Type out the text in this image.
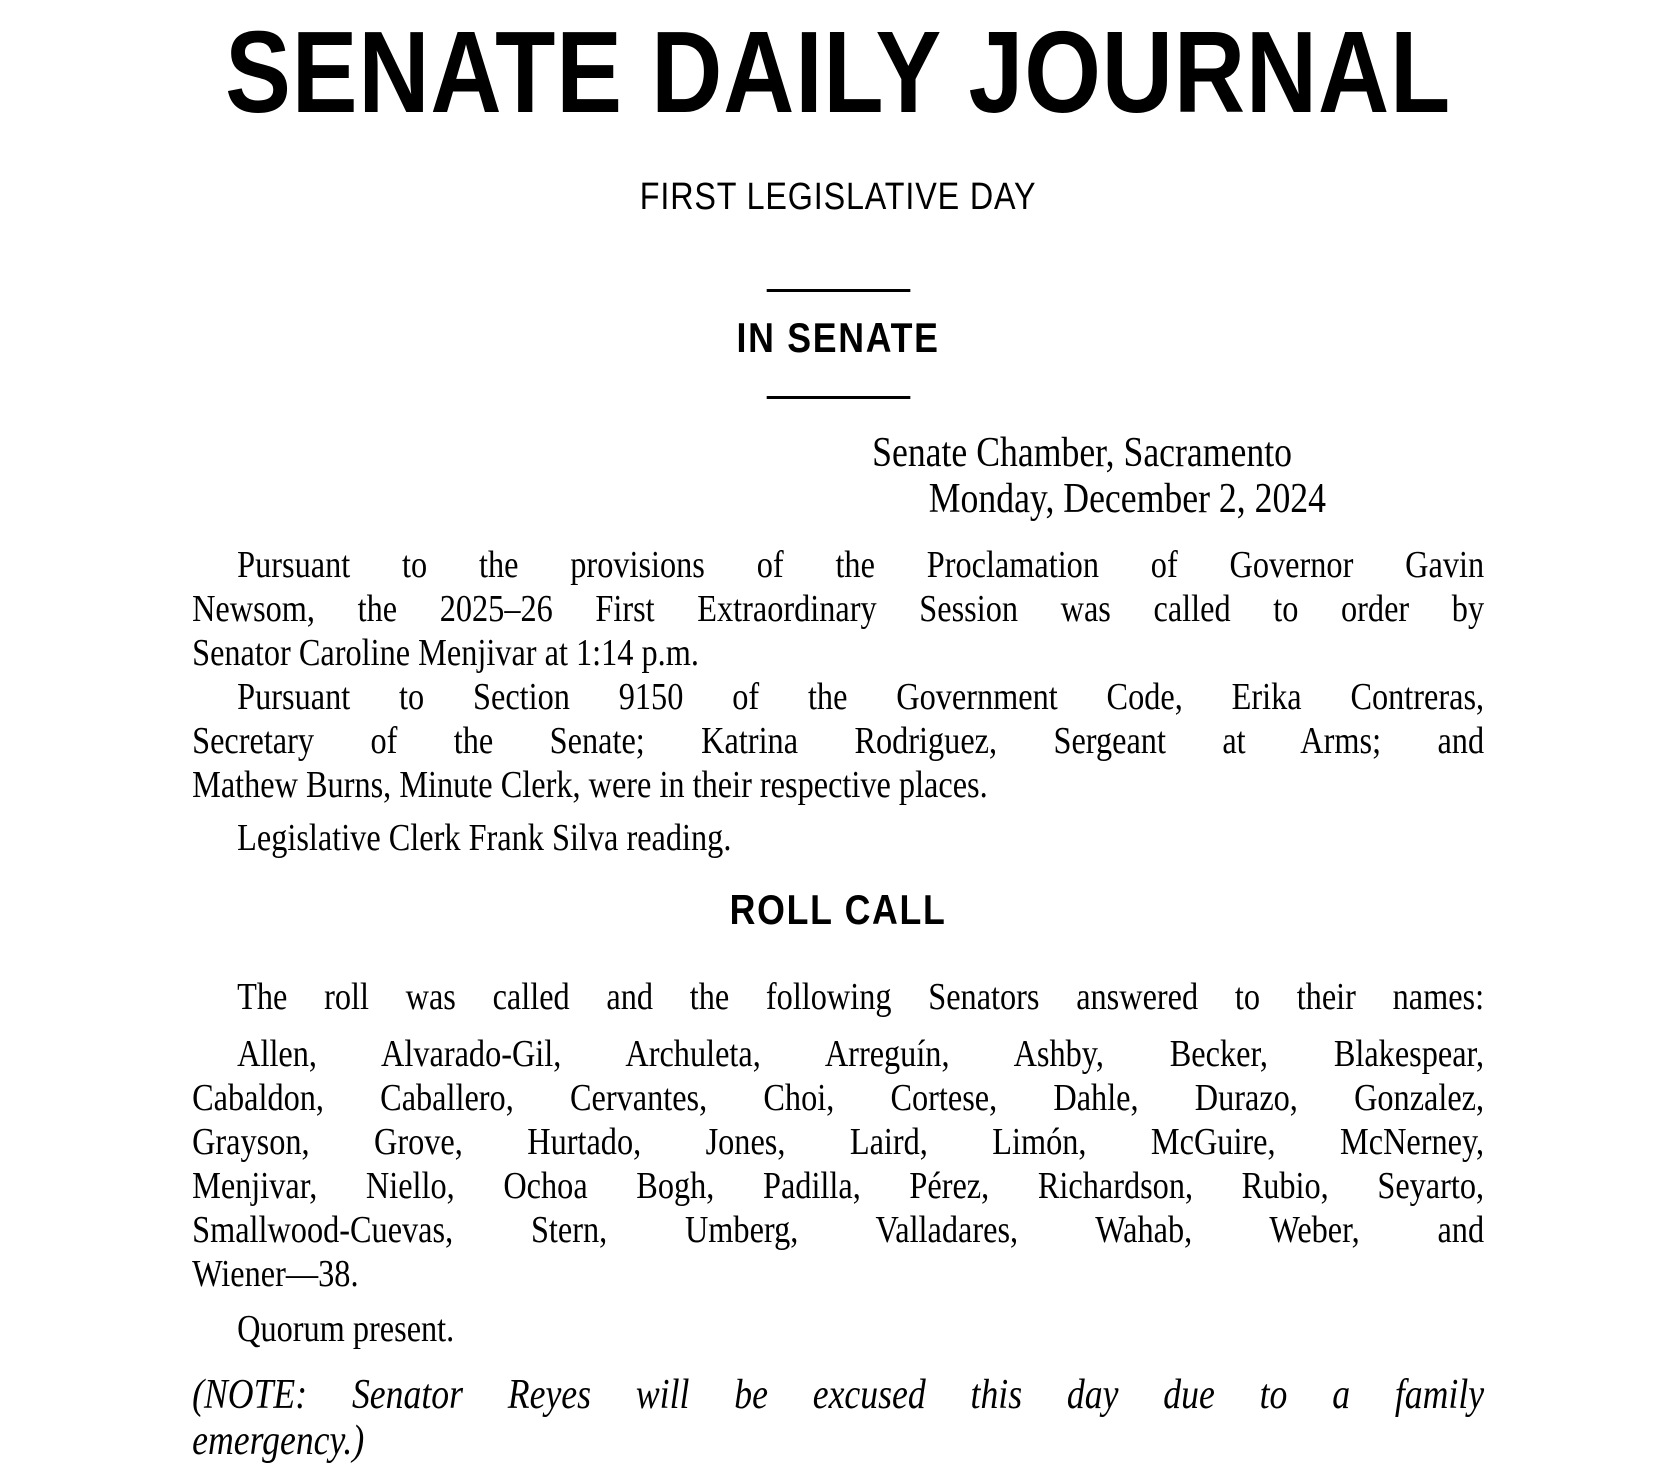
SENATE DAILY JOURNAL
FIRST LEGISLATIVE DAY
IN SENATE
Senate Chamber, Sacramento
Monday, December 2, 2024
Pursuant to the provisions of the Proclamation of Governor Gavin
Newsom, the 2025–26 First Extraordinary Session was called to order by
Senator Caroline Menjivar at 1:14 p.m.
Pursuant to Section 9150 of the Government Code, Erika Contreras,
Secretary of the Senate; Katrina Rodriguez, Sergeant at Arms; and
Mathew Burns, Minute Clerk, were in their respective places.
Legislative Clerk Frank Silva reading.
ROLL CALL
The roll was called and the following Senators answered to their names:
Allen, Alvarado-Gil, Archuleta, Arreguín, Ashby, Becker, Blakespear,
Cabaldon, Caballero, Cervantes, Choi, Cortese, Dahle, Durazo, Gonzalez,
Grayson, Grove, Hurtado, Jones, Laird, Limón, McGuire, McNerney,
Menjivar, Niello, Ochoa Bogh, Padilla, Pérez, Richardson, Rubio, Seyarto,
Smallwood-Cuevas, Stern, Umberg, Valladares, Wahab, Weber, and
Wiener—38.
Quorum present.
(NOTE: Senator Reyes will be excused this day due to a family
emergency.)
